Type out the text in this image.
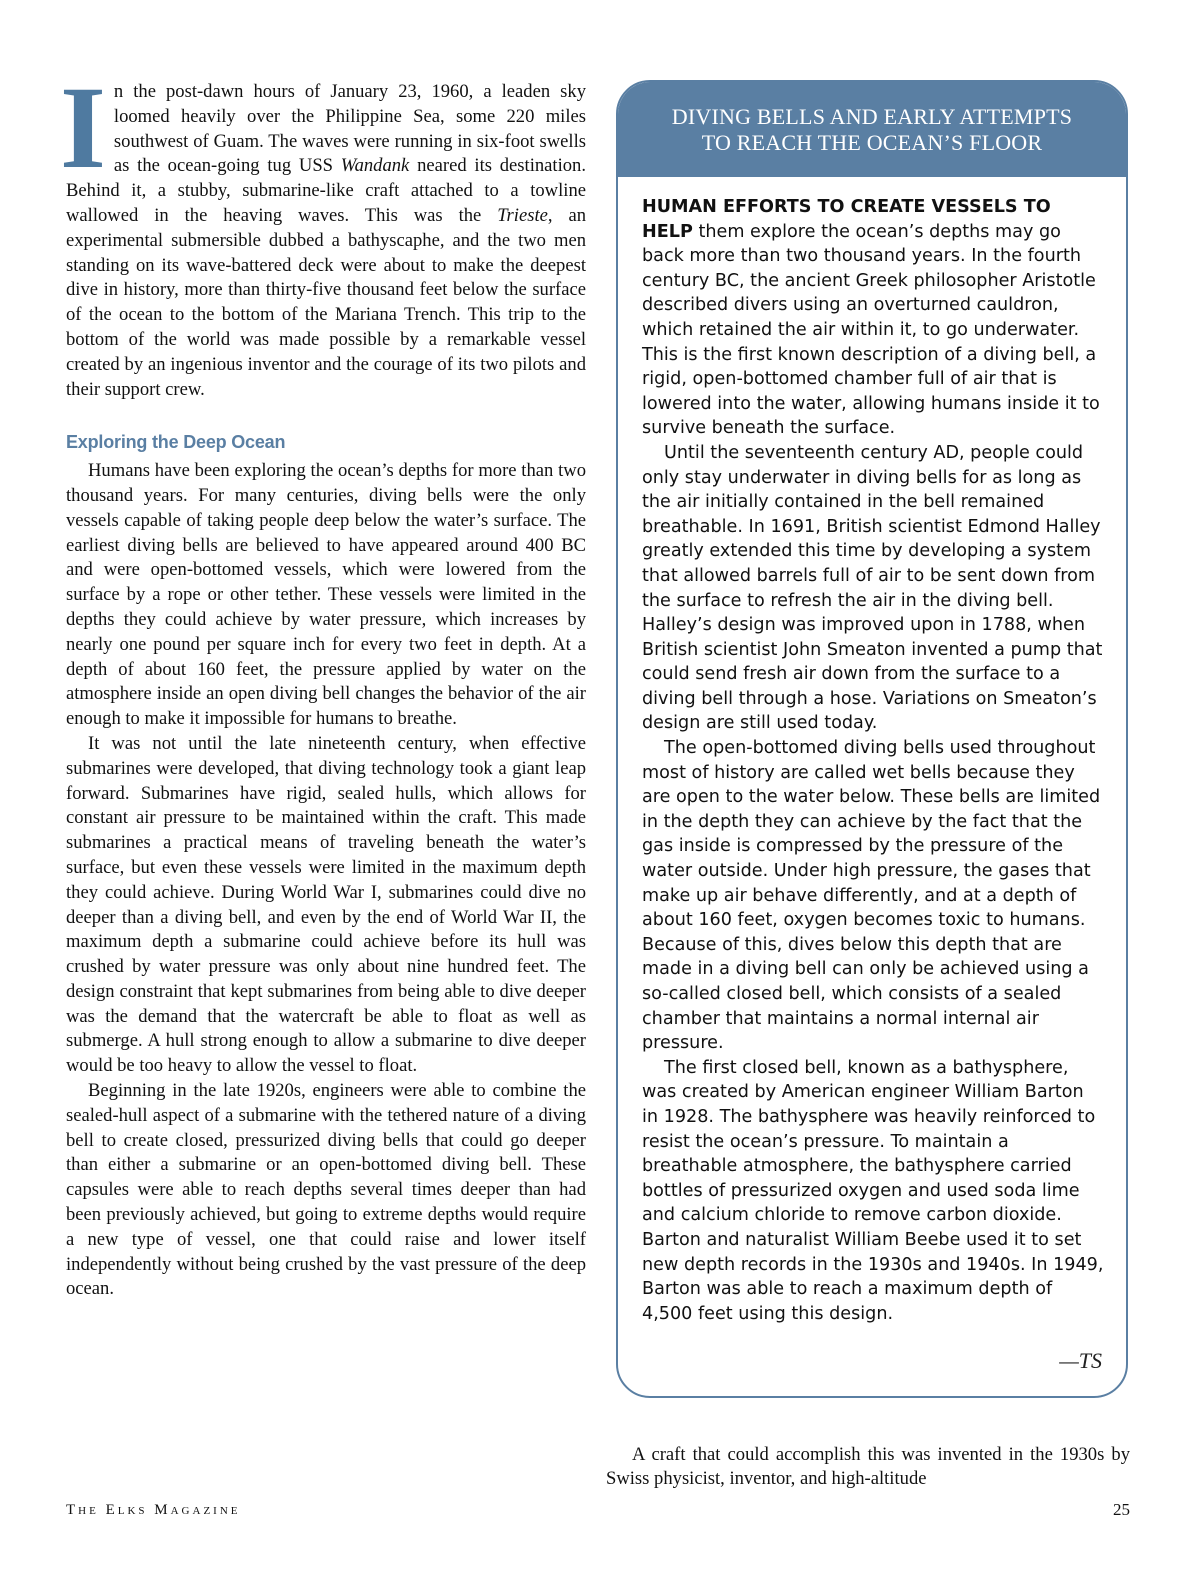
In the post-dawn hours of January 23, 1960, a leaden sky loomed heavily over the Philippine Sea, some 220 miles southwest of Guam. The waves were running in six-foot swells as the ocean-going tug USS Wandank neared its destination. Behind it, a stubby, submarine-like craft attached to a towline wallowed in the heaving waves. This was the Trieste, an experimental submersible dubbed a bathyscaphe, and the two men standing on its wave-battered deck were about to make the deepest dive in history, more than thirty-five thousand feet below the surface of the ocean to the bottom of the Mariana Trench. This trip to the bottom of the world was made possible by a remarkable vessel created by an ingenious inventor and the courage of its two pilots and their support crew.

Exploring the Deep Ocean

Humans have been exploring the ocean’s depths for more than two thousand years. For many centuries, diving bells were the only vessels capable of taking people deep below the water’s surface. The earliest diving bells are believed to have appeared around 400 BC and were open-bottomed vessels, which were lowered from the surface by a rope or other tether. These vessels were limited in the depths they could achieve by water pressure, which increases by nearly one pound per square inch for every two feet in depth. At a depth of about 160 feet, the pressure applied by water on the atmosphere inside an open diving bell changes the behavior of the air enough to make it impossible for humans to breathe.

It was not until the late nineteenth century, when effective submarines were developed, that diving technology took a giant leap forward. Submarines have rigid, sealed hulls, which allows for constant air pressure to be maintained within the craft. This made submarines a practical means of traveling beneath the water’s surface, but even these vessels were limited in the maximum depth they could achieve. During World War I, submarines could dive no deeper than a diving bell, and even by the end of World War II, the maximum depth a submarine could achieve before its hull was crushed by water pressure was only about nine hundred feet. The design constraint that kept submarines from being able to dive deeper was the demand that the watercraft be able to float as well as submerge. A hull strong enough to allow a submarine to dive deeper would be too heavy to allow the vessel to float.

Beginning in the late 1920s, engineers were able to combine the sealed-hull aspect of a submarine with the tethered nature of a diving bell to create closed, pressurized diving bells that could go deeper than either a submarine or an open-bottomed diving bell. These capsules were able to reach depths several times deeper than had been previously achieved, but going to extreme depths would require a new type of vessel, one that could raise and lower itself independently without being crushed by the vast pressure of the deep ocean.

DIVING BELLS AND EARLY ATTEMPTS
TO REACH THE OCEAN’S FLOOR

HUMAN EFFORTS TO CREATE VESSELS TO HELP them explore the ocean’s depths may go back more than two thousand years. In the fourth century BC, the ancient Greek philosopher Aristotle described divers using an overturned cauldron, which retained the air within it, to go underwater. This is the first known description of a diving bell, a rigid, open-bottomed chamber full of air that is lowered into the water, allowing humans inside it to survive beneath the surface.

Until the seventeenth century AD, people could only stay underwater in diving bells for as long as the air initially contained in the bell remained breathable. In 1691, British scientist Edmond Halley greatly extended this time by developing a system that allowed barrels full of air to be sent down from the surface to refresh the air in the diving bell. Halley’s design was improved upon in 1788, when British scientist John Smeaton invented a pump that could send fresh air down from the surface to a diving bell through a hose. Variations on Smeaton’s design are still used today.

The open-bottomed diving bells used throughout most of history are called wet bells because they are open to the water below. These bells are limited in the depth they can achieve by the fact that the gas inside is compressed by the pressure of the water outside. Under high pressure, the gases that make up air behave differently, and at a depth of about 160 feet, oxygen becomes toxic to humans. Because of this, dives below this depth that are made in a diving bell can only be achieved using a so-called closed bell, which consists of a sealed chamber that maintains a normal internal air pressure.

The first closed bell, known as a bathysphere, was created by American engineer William Barton in 1928. The bathysphere was heavily reinforced to resist the ocean’s pressure. To maintain a breathable atmosphere, the bathysphere carried bottles of pressurized oxygen and used soda lime and calcium chloride to remove carbon dioxide. Barton and naturalist William Beebe used it to set new depth records in the 1930s and 1940s. In 1949, Barton was able to reach a maximum depth of 4,500 feet using this design.

—TS

A craft that could accomplish this was invented in the 1930s by Swiss physicist, inventor, and high-altitude

The Elks Magazine	25
